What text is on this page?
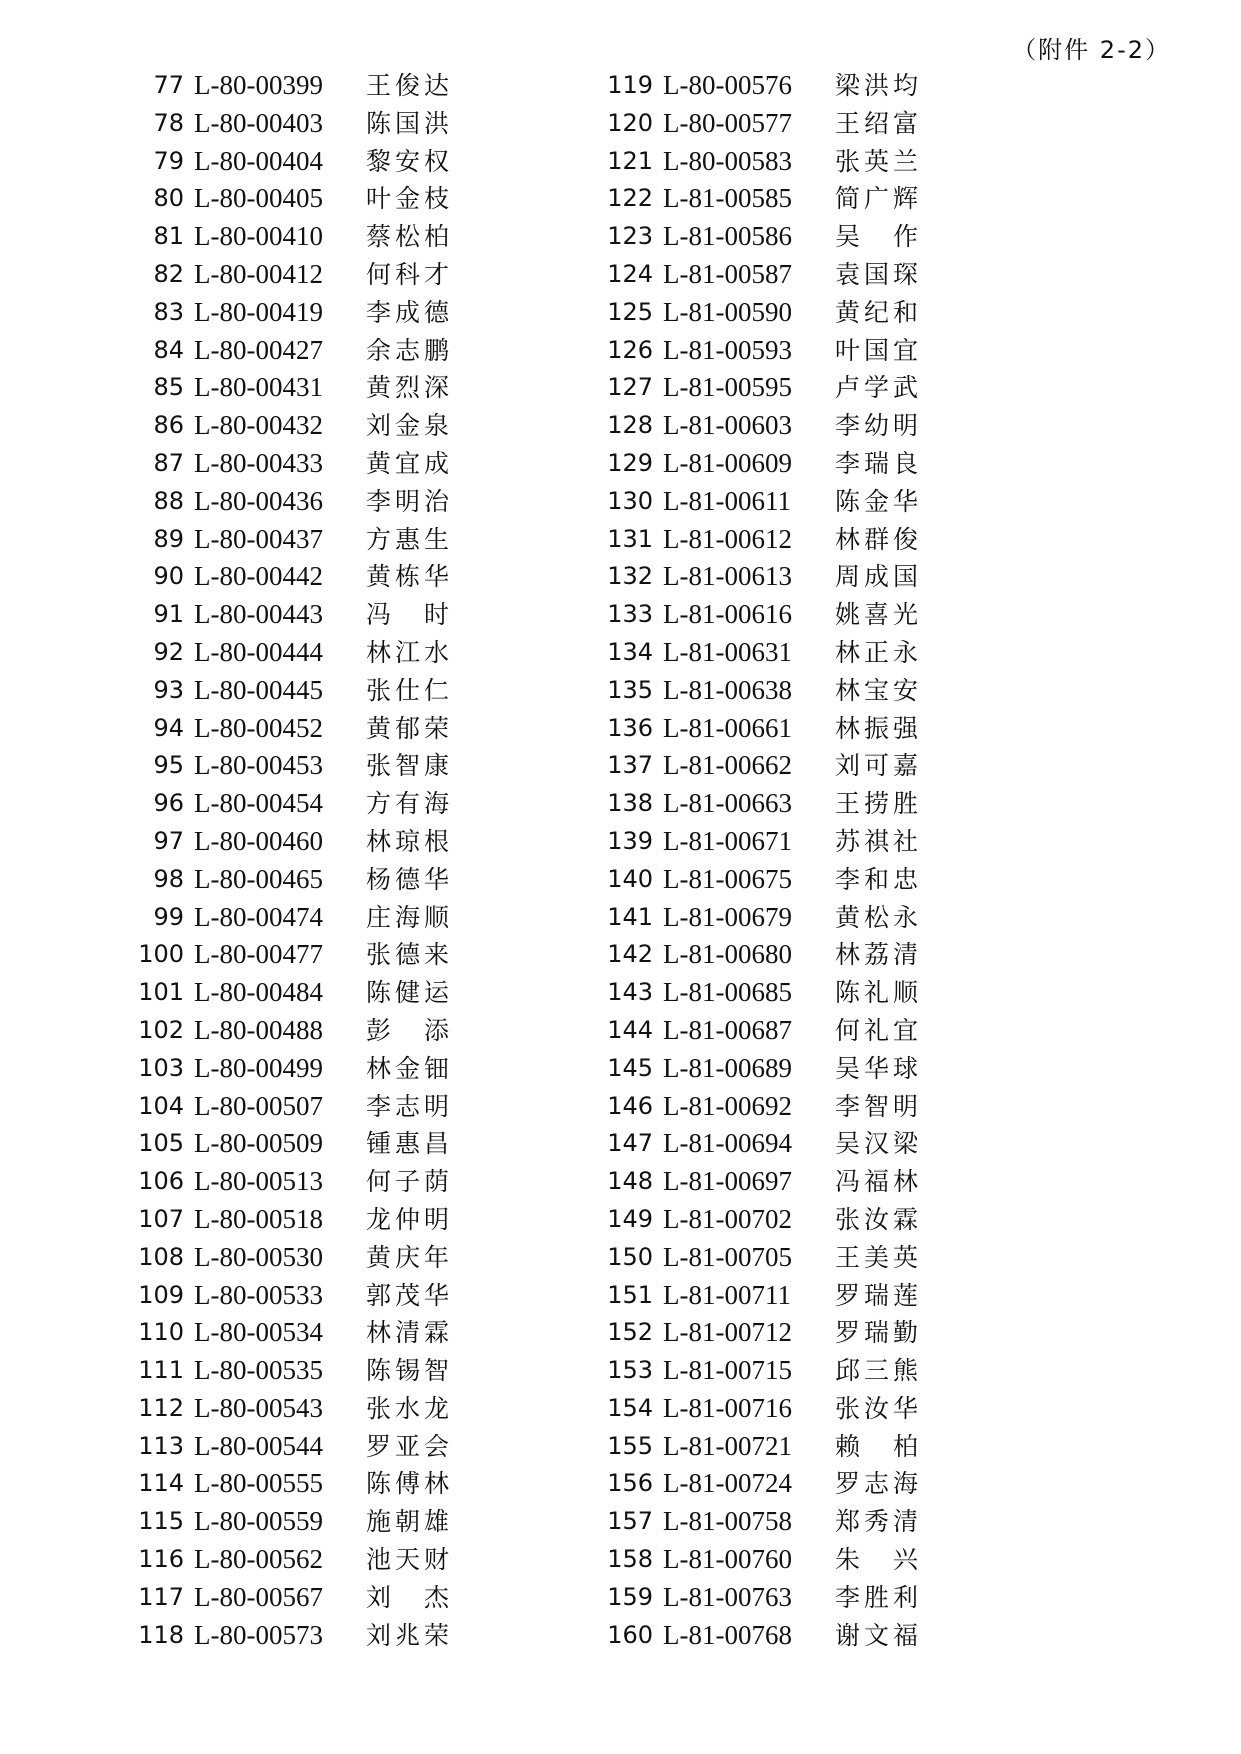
（附件 2-2）
77 L-80-00399 王俊达
78 L-80-00403 陈国洪
79 L-80-00404 黎安权
80 L-80-00405 叶金枝
81 L-80-00410 蔡松柏
82 L-80-00412 何科才
83 L-80-00419 李成德
84 L-80-00427 余志鹏
85 L-80-00431 黄烈深
86 L-80-00432 刘金泉
87 L-80-00433 黄宜成
88 L-80-00436 李明治
89 L-80-00437 方惠生
90 L-80-00442 黄栋华
91 L-80-00443 冯　时
92 L-80-00444 林江水
93 L-80-00445 张仕仁
94 L-80-00452 黄郁荣
95 L-80-00453 张智康
96 L-80-00454 方有海
97 L-80-00460 林琼根
98 L-80-00465 杨德华
99 L-80-00474 庄海顺
100 L-80-00477 张德来
101 L-80-00484 陈健运
102 L-80-00488 彭　添
103 L-80-00499 林金钿
104 L-80-00507 李志明
105 L-80-00509 锺惠昌
106 L-80-00513 何子荫
107 L-80-00518 龙仲明
108 L-80-00530 黄庆年
109 L-80-00533 郭茂华
110 L-80-00534 林清霖
111 L-80-00535 陈锡智
112 L-80-00543 张水龙
113 L-80-00544 罗亚会
114 L-80-00555 陈傅林
115 L-80-00559 施朝雄
116 L-80-00562 池天财
117 L-80-00567 刘　杰
118 L-80-00573 刘兆荣
119 L-80-00576 梁洪均
120 L-80-00577 王绍富
121 L-80-00583 张英兰
122 L-81-00585 简广辉
123 L-81-00586 吴　作
124 L-81-00587 袁国琛
125 L-81-00590 黄纪和
126 L-81-00593 叶国宜
127 L-81-00595 卢学武
128 L-81-00603 李幼明
129 L-81-00609 李瑞良
130 L-81-00611 陈金华
131 L-81-00612 林群俊
132 L-81-00613 周成国
133 L-81-00616 姚喜光
134 L-81-00631 林正永
135 L-81-00638 林宝安
136 L-81-00661 林振强
137 L-81-00662 刘可嘉
138 L-81-00663 王捞胜
139 L-81-00671 苏祺社
140 L-81-00675 李和忠
141 L-81-00679 黄松永
142 L-81-00680 林荔清
143 L-81-00685 陈礼顺
144 L-81-00687 何礼宜
145 L-81-00689 吴华球
146 L-81-00692 李智明
147 L-81-00694 吴汉梁
148 L-81-00697 冯福林
149 L-81-00702 张汝霖
150 L-81-00705 王美英
151 L-81-00711 罗瑞莲
152 L-81-00712 罗瑞勤
153 L-81-00715 邱三熊
154 L-81-00716 张汝华
155 L-81-00721 赖　柏
156 L-81-00724 罗志海
157 L-81-00758 郑秀清
158 L-81-00760 朱　兴
159 L-81-00763 李胜利
160 L-81-00768 谢文福
